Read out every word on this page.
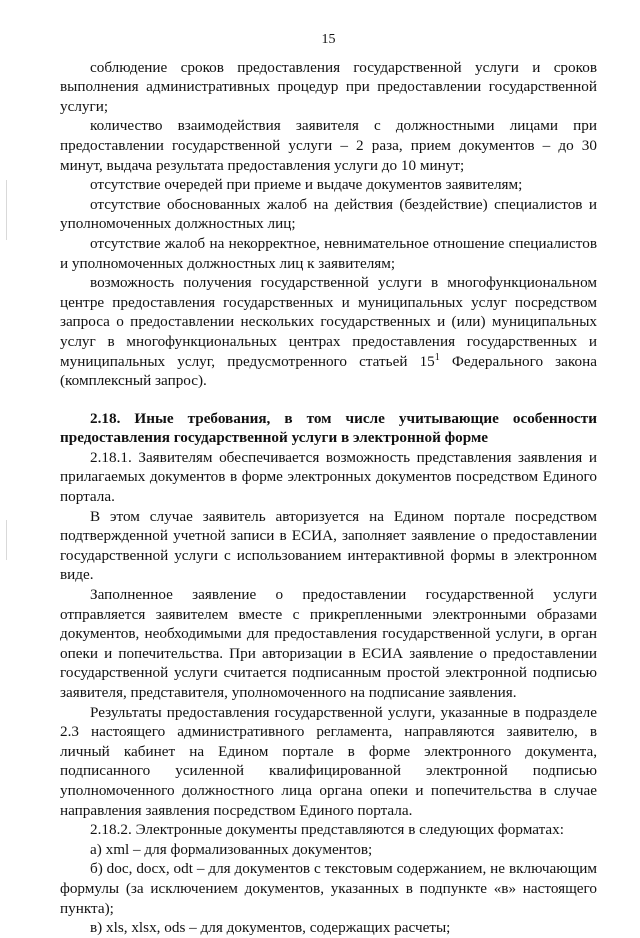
15

соблюдение сроков предоставления государственной услуги и сроков выполнения административных процедур при предоставлении государственной услуги;

количество взаимодействия заявителя с должностными лицами при предоставлении государственной услуги – 2 раза, прием документов – до 30 минут, выдача результата предоставления услуги до 10 минут;

отсутствие очередей при приеме и выдаче документов заявителям;

отсутствие обоснованных жалоб на действия (бездействие) специалистов и уполномоченных должностных лиц;

отсутствие жалоб на некорректное, невнимательное отношение специалистов и уполномоченных должностных лиц к заявителям;

возможность получения государственной услуги в многофункциональном центре предоставления государственных и муниципальных услуг посредством запроса о предоставлении нескольких государственных и (или) муниципальных услуг в многофункциональных центрах предоставления государственных и муниципальных услуг, предусмотренного статьей $15^1$ Федерального закона (комплексный запрос).

2.18. Иные требования, в том числе учитывающие особенности предоставления государственной услуги в электронной форме

2.18.1. Заявителям обеспечивается возможность представления заявления и прилагаемых документов в форме электронных документов посредством Единого портала.

В этом случае заявитель авторизуется на Едином портале посредством подтвержденной учетной записи в ЕСИА, заполняет заявление о предоставлении государственной услуги с использованием интерактивной формы в электронном виде.

Заполненное заявление о предоставлении государственной услуги отправляется заявителем вместе с прикрепленными электронными образами документов, необходимыми для предоставления государственной услуги, в орган опеки и попечительства. При авторизации в ЕСИА заявление о предоставлении государственной услуги считается подписанным простой электронной подписью заявителя, представителя, уполномоченного на подписание заявления.

Результаты предоставления государственной услуги, указанные в подразделе 2.3 настоящего административного регламента, направляются заявителю, в личный кабинет на Едином портале в форме электронного документа, подписанного усиленной квалифицированной электронной подписью уполномоченного должностного лица органа опеки и попечительства в случае направления заявления посредством Единого портала.

2.18.2. Электронные документы представляются в следующих форматах:

а) xml – для формализованных документов;

б) doc, docx, odt – для документов с текстовым содержанием, не включающим формулы (за исключением документов, указанных в подпункте «в» настоящего пункта);

в) xls, xlsx, ods – для документов, содержащих расчеты;
